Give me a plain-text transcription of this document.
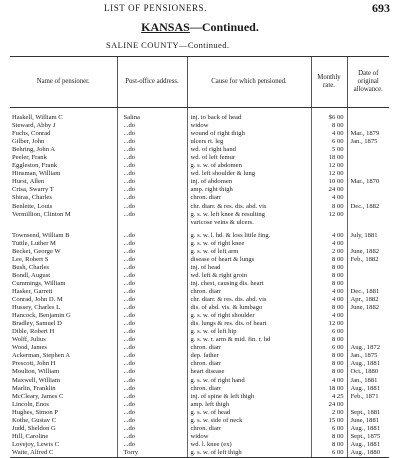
LIST OF PENSIONERS.	693
KANSAS—Continued.
SALINE COUNTY—Continued.
Name of pensioner.	Post-office address.	Cause for which pensioned.	Monthly rate.	Date of original allowance.
Haskell, William C	Salina	inj. to back of head	$6 00	
Steward, Abby J	...do	widow	8 00	
Fuchs, Conrad	...do	wound of right thigh	4 00	Mar., 1879
Gilber, John	...do	ulcers rt. leg	6 00	Jan., 1875
Behring, John A	...do	wd. of right hand	5 00	
Peeler, Frank	...do	wd. of left femur	18 00	
Eggleston, Frank	...do	g. s. w. of abdomen	12 00	
Hinsman, William	...do	wd. left shoulder & lung	12 00	
Hurst, Allen	...do	inj. of abdomen	10 00	Mar., 1870
Crisa, Swarry T	...do	amp. right thigh	24 00	
Shiras, Charles	...do	chron. diarr	4 00	
Benlette, Louis	...do	chr. diarr. & res. dis. abd. vis	8 00	Dec., 1882
Vermillion, Clinton M	...do	g. s. w. left knee & resulting	12 00	
		varicose veins & ulcers.		
Townsend, William B	...do	g. s. w. l. hd. & loss little fing.	4 00	July, 1881
Tuttle, Luther M	...do	g. s. w. of right knee	4 00	
Becket, George W	...do	g. s. w. of left arm	2 00	June, 1882
Lee, Robert S	...do	disease of heart & lungs	8 00	Feb., 1882
Bush, Charles	...do	inj. of head	8 00	
Bondl, August	...do	wd. left & right groin	8 00	
Cummings, William	...do	inj. chest, causing dis. heart	8 00	
Hasker, Garrett	...do	chron. diarr	4 00	Dec., 1881
Conrad, John D. M	...do	chr. diarr. & res. dis. abd. vis	4 00	Apr., 1882
Hussey, Charles L	...do	dis. of abd. vis. & lumbago	8 00	June, 1882
Hancock, Benjamin G	...do	g. s. w. of right shoulder	4 00	
Bradley, Samuel D	...do	dis. lungs & res. dis. of heart	12 00	
Dible, Robert H	...do	g. s. w. of left hip	6 00	
Wolff, Julius	...do	g. s. w. r. arm & mid. fin. r. hd	8 00	
Wood, James	...do	chron. diarr	6 00	Aug., 1872
Ackerman, Stephen A	...do	dep. father	8 00	Jan., 1875
Prescott, John H	...do	chron. diarr	8 00	Aug., 1881
Moulton, William	...do	heart disease	8 00	Oct., 1880
Maxwell, William	...do	g. s. w. of right hand	4 00	Jan., 1881
Marlin, Franklin	...do	chron. diarr	18 00	Aug., 1881
McCleary, James C	...do	inj. of spine & left thigh	4 25	Feb., 1871
Lincoln, Enos	...do	amp. left thigh	24 00	
Hughes, Simon P	...do	g. s. w. of head	2 00	Sept., 1881
Kothe, Gustav C	...do	g. s. w. side of neck	15 00	June, 1881
Judd, Sheldon G	...do	chron. diarr	6 00	Aug., 1881
Hill, Caroline	...do	widow	8 00	Sept., 1875
Lovejoy, Lewis C	...do	wd. l. knee (ex)	8 00	Aug., 1881
Waite, Alfred C	Torry	g. s. w. of left thigh	6 00	Aug., 1880
